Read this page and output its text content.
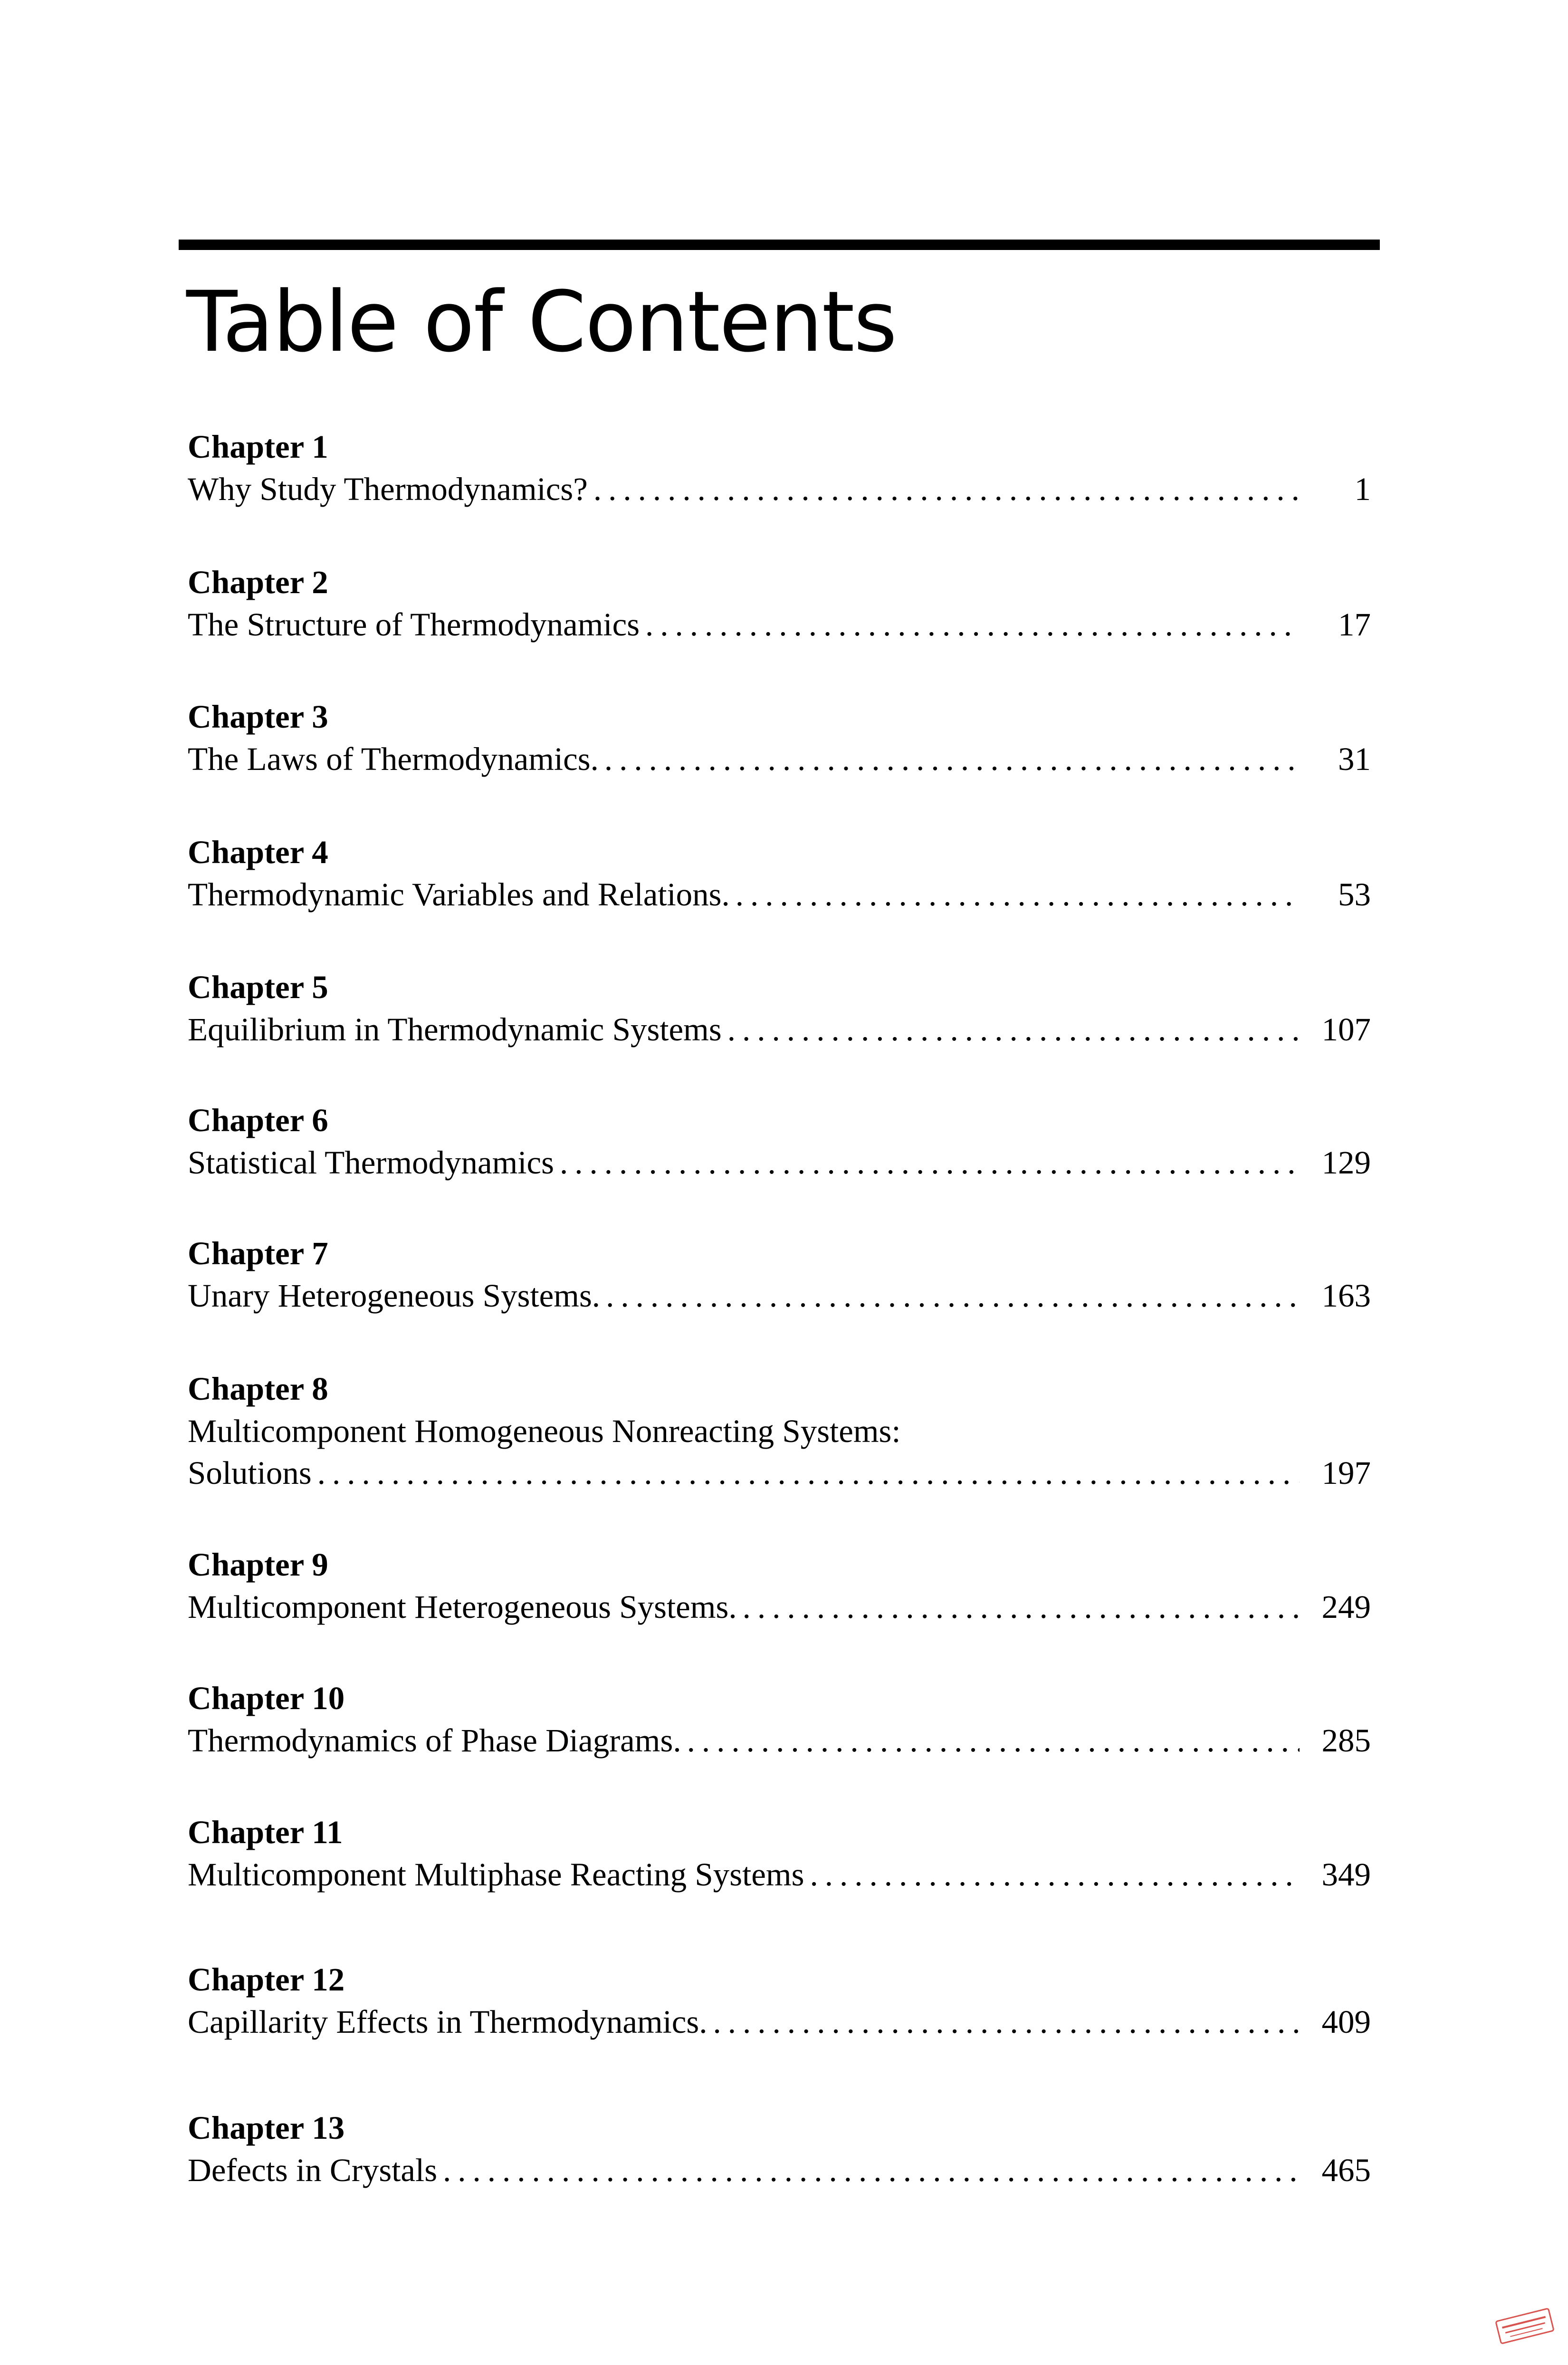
Table of Contents
Chapter 1
Why Study Thermodynamics? .....	1
Chapter 2
The Structure of Thermodynamics .....	17
Chapter 3
The Laws of Thermodynamics. .....	31
Chapter 4
Thermodynamic Variables and Relations. .....	53
Chapter 5
Equilibrium in Thermodynamic Systems .....	107
Chapter 6
Statistical Thermodynamics .....	129
Chapter 7
Unary Heterogeneous Systems. .....	163
Chapter 8
Multicomponent Homogeneous Nonreacting Systems:
Solutions .....	197
Chapter 9
Multicomponent Heterogeneous Systems. .....	249
Chapter 10
Thermodynamics of Phase Diagrams. .....	285
Chapter 11
Multicomponent Multiphase Reacting Systems .....	349
Chapter 12
Capillarity Effects in Thermodynamics. .....	409
Chapter 13
Defects in Crystals .....	465
